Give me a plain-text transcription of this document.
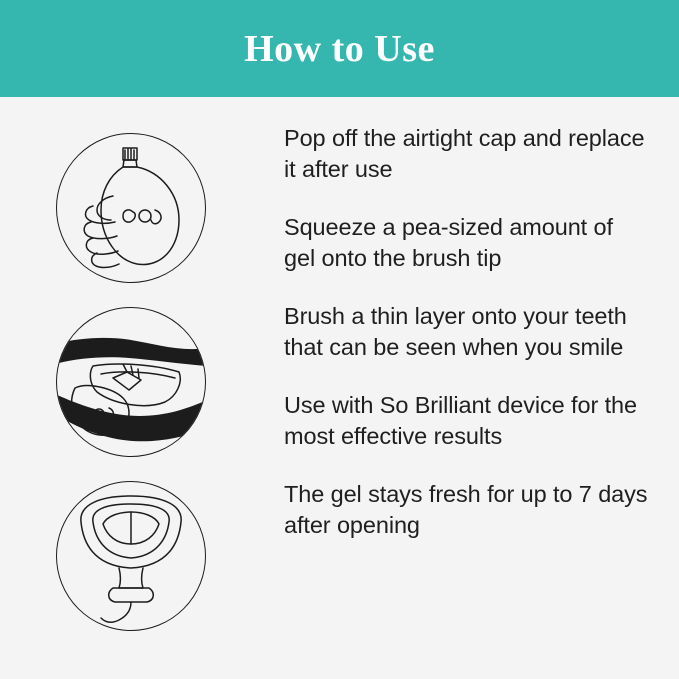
How to Use
Pop off the airtight cap and replace it after use
Squeeze a pea-sized amount of gel onto the brush tip
Brush a thin layer onto your teeth that can be seen when you smile
Use with So Brilliant device for the most effective results
The gel stays fresh for up to 7 days after opening
